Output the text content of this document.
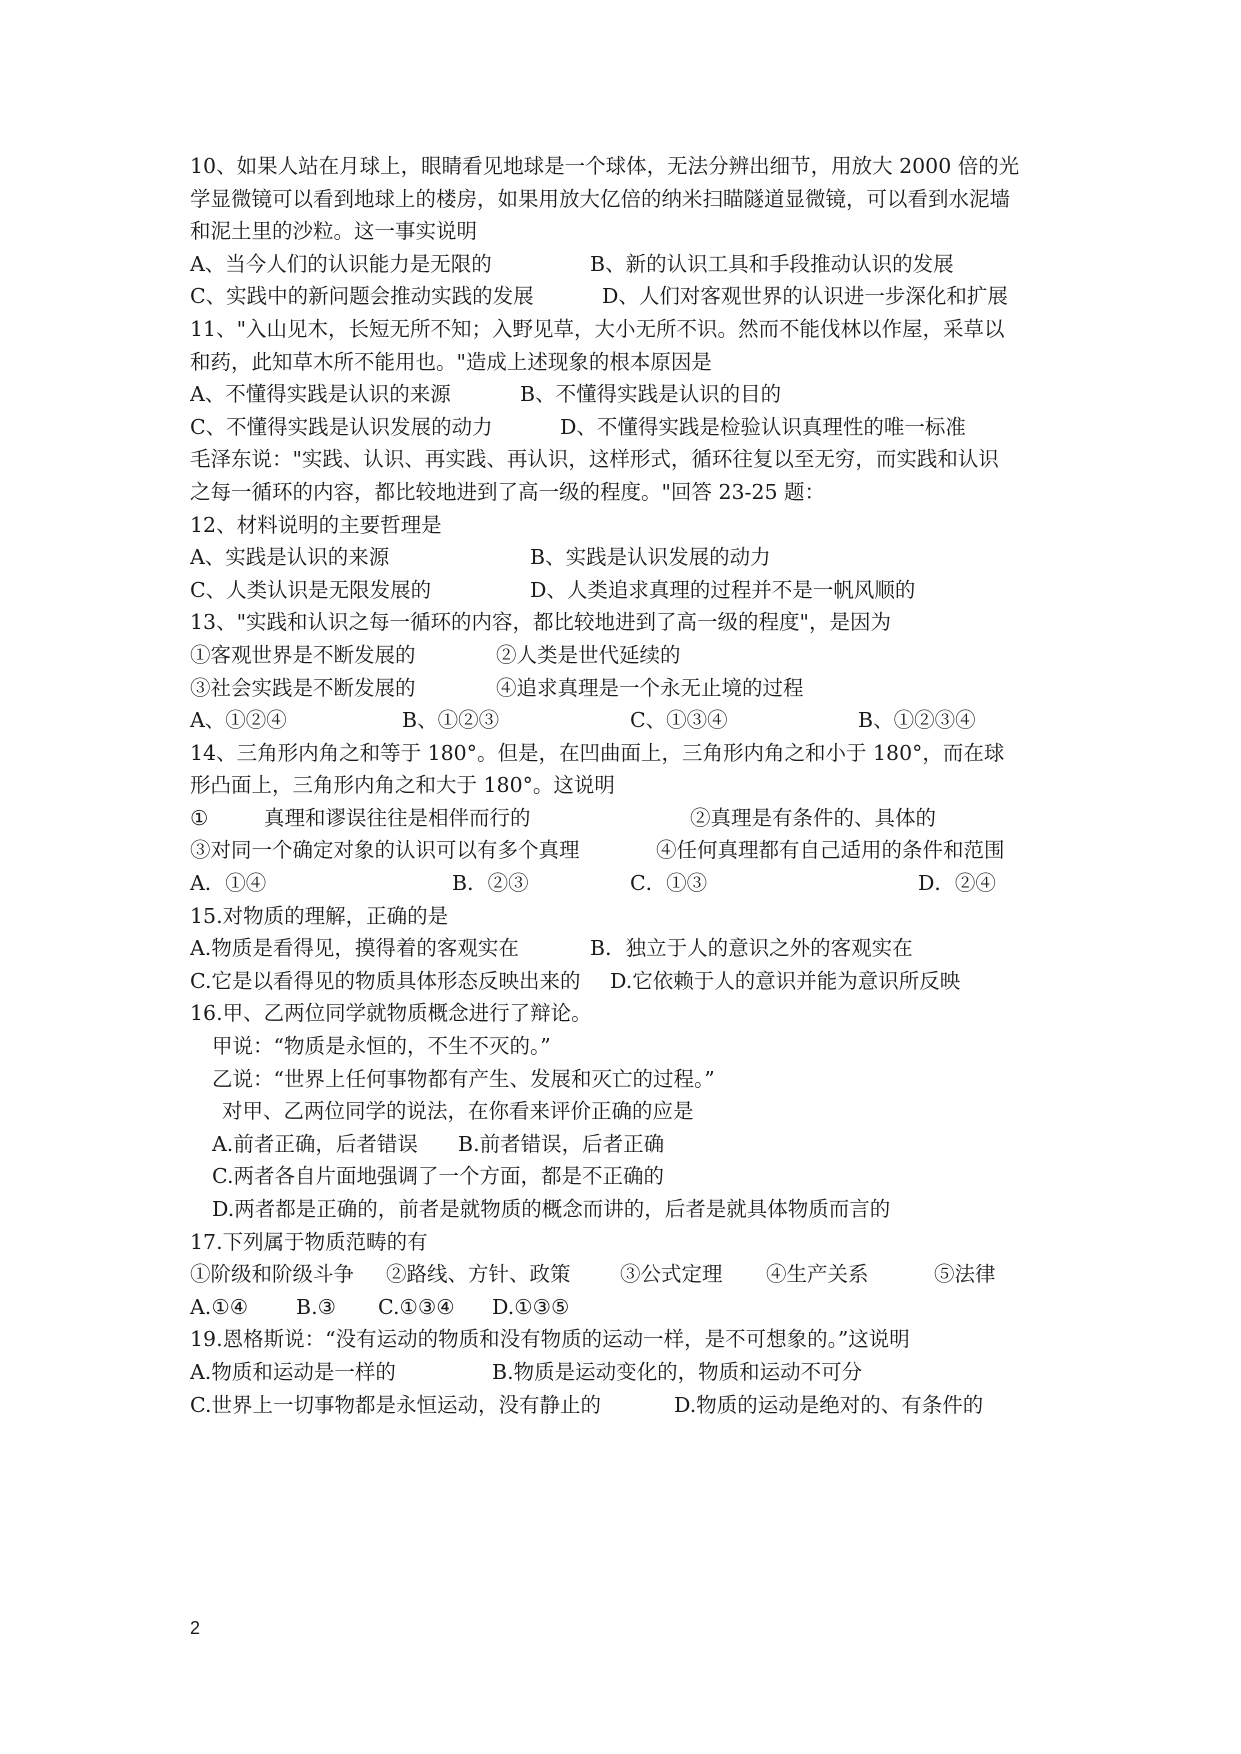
10、如果人站在月球上，眼睛看见地球是一个球体，无法分辨出细节，用放大 2000 倍的光
学显微镜可以看到地球上的楼房，如果用放大亿倍的纳米扫瞄隧道显微镜，可以看到水泥墙
和泥土里的沙粒。这一事实说明

A、当今人们的认识能力是无限的

	B、新的认识工具和手段推动认识的发展

C、实践中的新问题会推动实践的发展

	D、人们对客观世界的认识进一步深化和扩展

11、"入山见木，长短无所不知；入野见草，大小无所不识。然而不能伐林以作屋，采草以
和药，此知草木所不能用也。"造成上述现象的根本原因是

A、不懂得实践是认识的来源

	B、不懂得实践是认识的目的

C、不懂得实践是认识发展的动力

	D、不懂得实践是检验认识真理性的唯一标准

毛泽东说："实践、认识、再实践、再认识，这样形式，循环往复以至无穷，而实践和认识
之每一循环的内容，都比较地进到了高一级的程度。"回答 23-25 题：
12、材料说明的主要哲理是

A、实践是认识的来源

	B、实践是认识发展的动力

C、人类认识是无限发展的

	D、人类追求真理的过程并不是一帆风顺的

13、"实践和认识之每一循环的内容，都比较地进到了高一级的程度"，是因为

①客观世界是不断发展的

	②人类是世代延续的

③社会实践是不断发展的

	④追求真理是一个永无止境的过程

A、①②④

	B、①②③

	C、①③④

	B、①②③④

14、三角形内角之和等于 180°。但是，在凹曲面上，三角形内角之和小于 180°，而在球
形凸面上，三角形内角之和大于 180°。这说明

①

	真理和谬误往往是相伴而行的

	②真理是有条件的、具体的

③对同一个确定对象的认识可以有多个真理

	④任何真理都有自己适用的条件和范围

A．①④

	B．②③

	C．①③

	D．②④

15.对物质的理解，正确的是

A.物质是看得见，摸得着的客观实在

	B．独立于人的意识之外的客观实在

C.它是以看得见的物质具体形态反映出来的

D.它依赖于人的意识并能为意识所反映

16.甲、乙两位同学就物质概念进行了辩论。
甲说：“物质是永恒的，不生不灭的。”
乙说：“世界上任何事物都有产生、发展和灭亡的过程。”
对甲、乙两位同学的说法，在你看来评价正确的应是

A.前者正确，后者错误

B.前者错误，后者正确

C.两者各自片面地强调了一个方面，都是不正确的
D.两者都是正确的，前者是就物质的概念而讲的，后者是就具体物质而言的
17.下列属于物质范畴的有

①阶级和阶级斗争

②路线、方针、政策

③公式定理

④生产关系

	⑤法律

A.①④

B.③

C.①③④

D.①③⑤

19.恩格斯说：“没有运动的物质和没有物质的运动一样，是不可想象的。”这说明

A.物质和运动是一样的

	B.物质是运动变化的，物质和运动不可分

C.世界上一切事物都是永恒运动，没有静止的

	D.物质的运动是绝对的、有条件的

2
